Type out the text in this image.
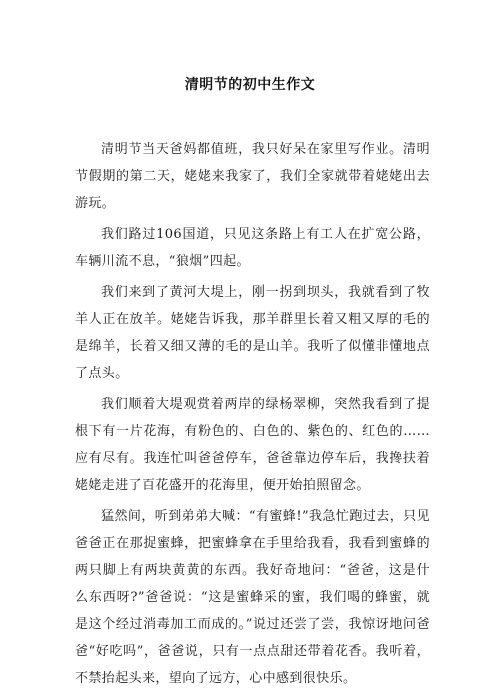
清明节的初中生作文

清明节当天爸妈都值班，我只好呆在家里写作业。清明节假期的第二天，姥姥来我家了，我们全家就带着姥姥出去游玩。

我们路过106国道，只见这条路上有工人在扩宽公路，车辆川流不息，“狼烟”四起。

我们来到了黄河大堤上，刚一拐到坝头，我就看到了牧羊人正在放羊。姥姥告诉我，那羊群里长着又粗又厚的毛的是绵羊，长着又细又薄的毛的是山羊。我听了似懂非懂地点了点头。

我们顺着大堤观赏着两岸的绿杨翠柳，突然我看到了提根下有一片花海，有粉色的、白色的、紫色的、红色的……应有尽有。我连忙叫爸爸停车，爸爸靠边停车后，我搀扶着姥姥走进了百花盛开的花海里，便开始拍照留念。

猛然间，听到弟弟大喊：“有蜜蜂!”我急忙跑过去，只见爸爸正在那捉蜜蜂，把蜜蜂拿在手里给我看，我看到蜜蜂的两只脚上有两块黄黄的东西。我好奇地问：“爸爸，这是什么东西呀?”爸爸说：“这是蜜蜂采的蜜，我们喝的蜂蜜，就是这个经过消毒加工而成的。”说过还尝了尝，我惊讶地问爸爸“好吃吗”，爸爸说，只有一点点甜还带着花香。我听着，不禁抬起头来，望向了远方，心中感到很快乐。
